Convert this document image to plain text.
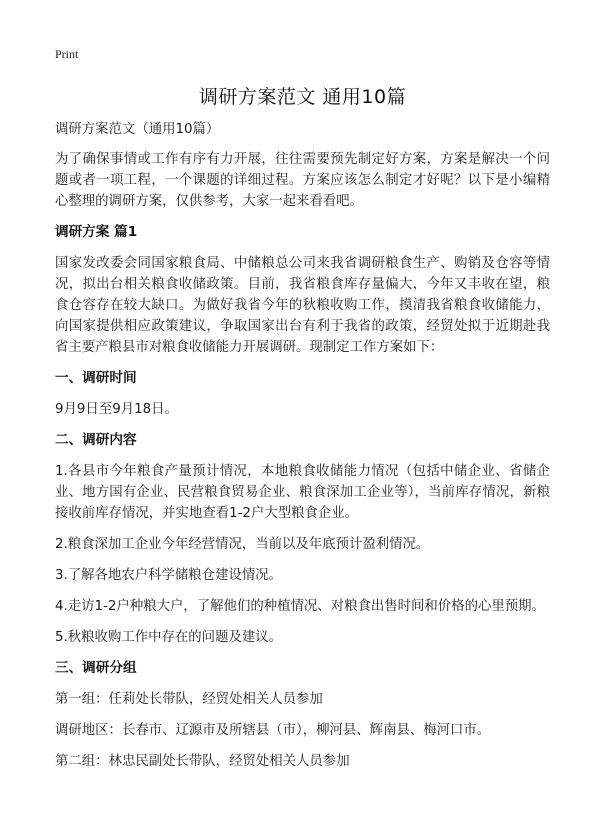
Print
调研方案范文 通用10篇

调研方案范文（通用10篇）

为了确保事情或工作有序有力开展，往往需要预先制定好方案，方案是解决一个问题或者一项工程，一个课题的详细过程。方案应该怎么制定才好呢？以下是小编精心整理的调研方案，仅供参考，大家一起来看看吧。

调研方案 篇1

国家发改委会同国家粮食局、中储粮总公司来我省调研粮食生产、购销及仓容等情况，拟出台相关粮食收储政策。目前，我省粮食库存量偏大，今年又丰收在望，粮食仓容存在较大缺口。为做好我省今年的秋粮收购工作，摸清我省粮食收储能力，向国家提供相应政策建议，争取国家出台有利于我省的政策，经贸处拟于近期赴我省主要产粮县市对粮食收储能力开展调研。现制定工作方案如下：

一、调研时间

9月9日至9月18日。

二、调研内容

1.各县市今年粮食产量预计情况，本地粮食收储能力情况（包括中储企业、省储企业、地方国有企业、民营粮食贸易企业、粮食深加工企业等），当前库存情况，新粮接收前库存情况，并实地查看1-2户大型粮食企业。

2.粮食深加工企业今年经营情况，当前以及年底预计盈利情况。

3.了解各地农户科学储粮仓建设情况。

4.走访1-2户种粮大户，了解他们的种植情况、对粮食出售时间和价格的心里预期。

5.秋粮收购工作中存在的问题及建议。

三、调研分组

第一组：任莉处长带队，经贸处相关人员参加

调研地区：长春市、辽源市及所辖县（市），柳河县、辉南县、梅河口市。

第二组：林忠民副处长带队，经贸处相关人员参加
